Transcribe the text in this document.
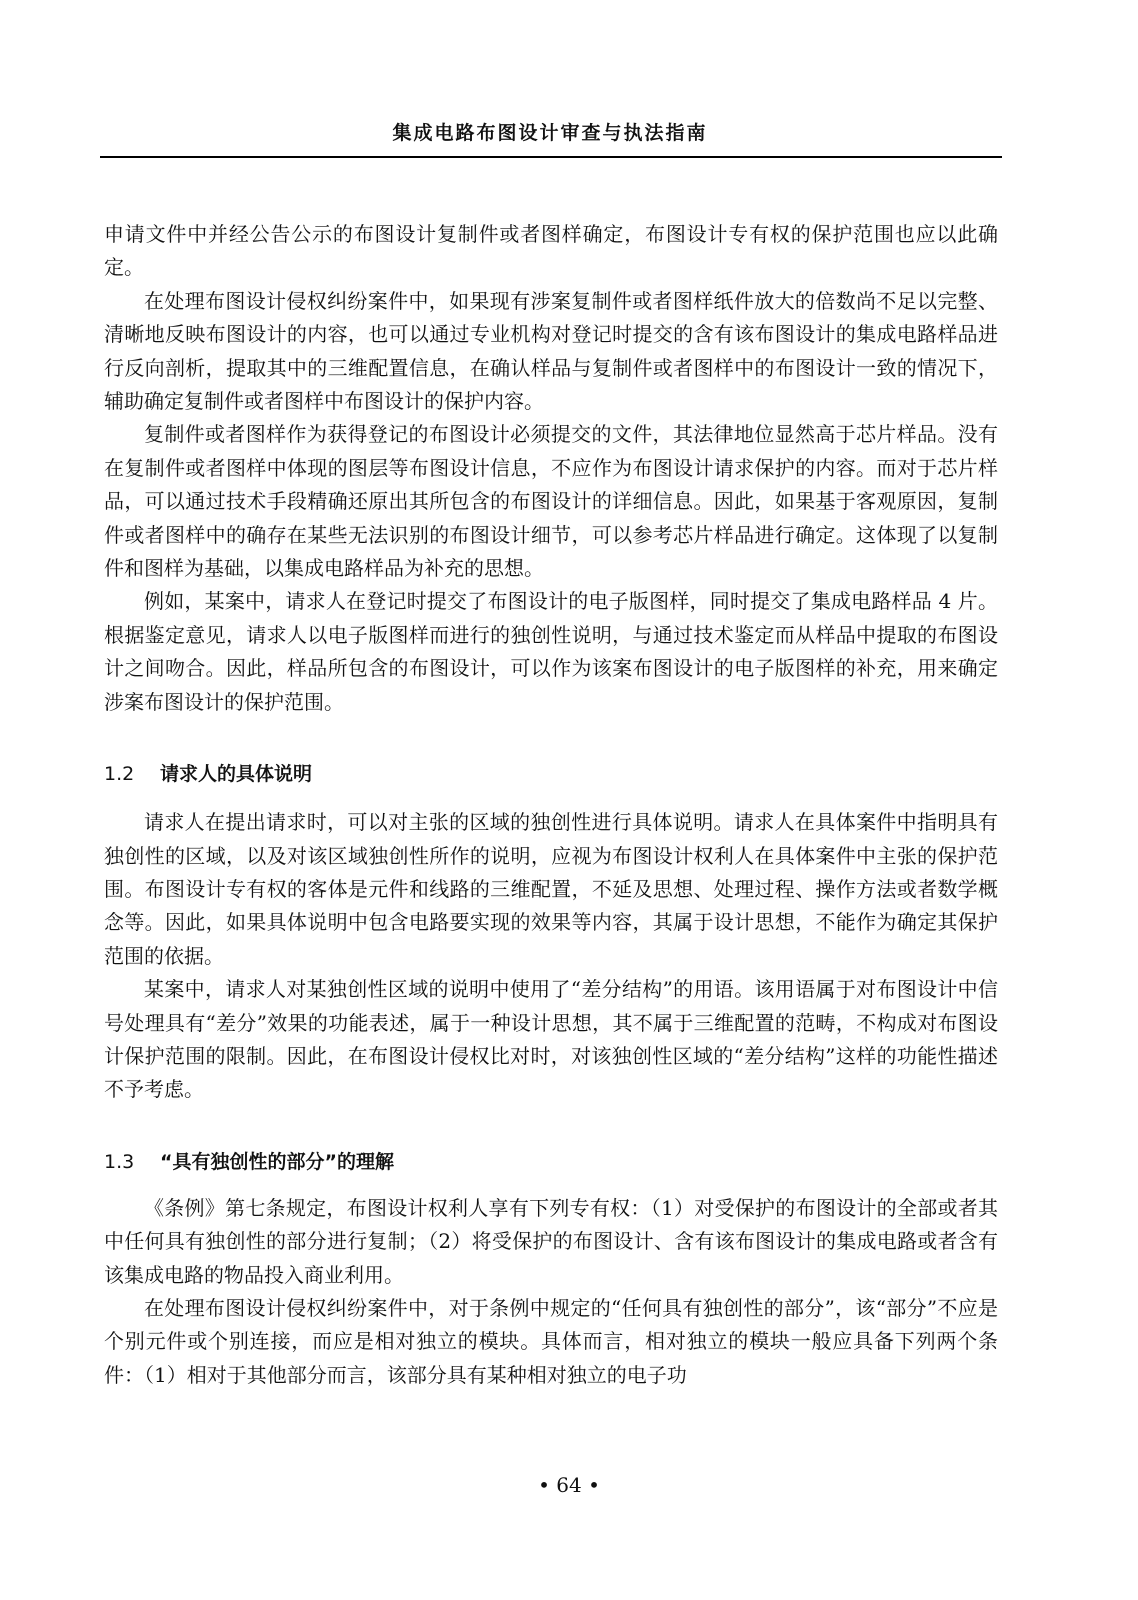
集成电路布图设计审查与执法指南

申请文件中并经公告公示的布图设计复制件或者图样确定，布图设计专有权的保护范围也应以此确定。

在处理布图设计侵权纠纷案件中，如果现有涉案复制件或者图样纸件放大的倍数尚不足以完整、清晰地反映布图设计的内容，也可以通过专业机构对登记时提交的含有该布图设计的集成电路样品进行反向剖析，提取其中的三维配置信息，在确认样品与复制件或者图样中的布图设计一致的情况下，辅助确定复制件或者图样中布图设计的保护内容。

复制件或者图样作为获得登记的布图设计必须提交的文件，其法律地位显然高于芯片样品。没有在复制件或者图样中体现的图层等布图设计信息，不应作为布图设计请求保护的内容。而对于芯片样品，可以通过技术手段精确还原出其所包含的布图设计的详细信息。因此，如果基于客观原因，复制件或者图样中的确存在某些无法识别的布图设计细节，可以参考芯片样品进行确定。这体现了以复制件和图样为基础，以集成电路样品为补充的思想。

例如，某案中，请求人在登记时提交了布图设计的电子版图样，同时提交了集成电路样品 4 片。根据鉴定意见，请求人以电子版图样而进行的独创性说明，与通过技术鉴定而从样品中提取的布图设计之间吻合。因此，样品所包含的布图设计，可以作为该案布图设计的电子版图样的补充，用来确定涉案布图设计的保护范围。

1.2 请求人的具体说明

请求人在提出请求时，可以对主张的区域的独创性进行具体说明。请求人在具体案件中指明具有独创性的区域，以及对该区域独创性所作的说明，应视为布图设计权利人在具体案件中主张的保护范围。布图设计专有权的客体是元件和线路的三维配置，不延及思想、处理过程、操作方法或者数学概念等。因此，如果具体说明中包含电路要实现的效果等内容，其属于设计思想，不能作为确定其保护范围的依据。

某案中，请求人对某独创性区域的说明中使用了“差分结构”的用语。该用语属于对布图设计中信号处理具有“差分”效果的功能表述，属于一种设计思想，其不属于三维配置的范畴，不构成对布图设计保护范围的限制。因此，在布图设计侵权比对时，对该独创性区域的“差分结构”这样的功能性描述不予考虑。

1.3 “具有独创性的部分”的理解

《条例》第七条规定，布图设计权利人享有下列专有权：（1）对受保护的布图设计的全部或者其中任何具有独创性的部分进行复制；（2）将受保护的布图设计、含有该布图设计的集成电路或者含有该集成电路的物品投入商业利用。

在处理布图设计侵权纠纷案件中，对于条例中规定的“任何具有独创性的部分”，该“部分”不应是个别元件或个别连接，而应是相对独立的模块。具体而言，相对独立的模块一般应具备下列两个条件：（1）相对于其他部分而言，该部分具有某种相对独立的电子功

• 64 •
